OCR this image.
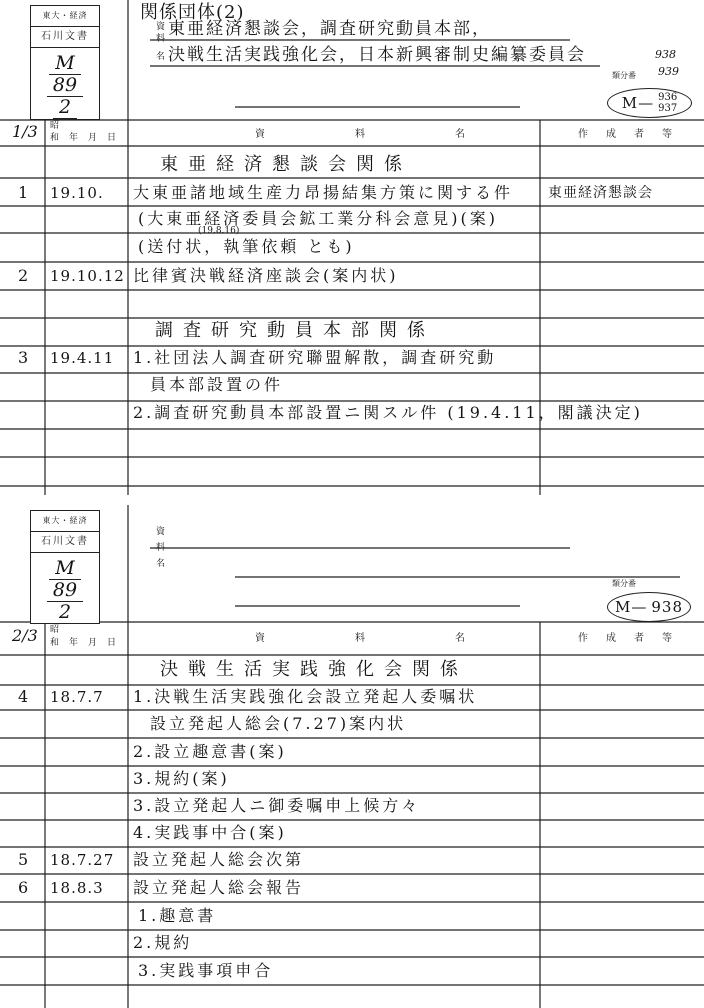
東大・経済
石川文書
M
89
2
関係団体(2)
資
料
名
東亜経済懇談会，調査研究動員本部，
決戦生活実践強化会，日本新興審制史編纂委員会	938
939
類分番
M— 936
937
1/3 昭
和年月日	資料名 作成者等
東亜経済懇談会関係
1 19.10. 大東亜諸地域生産力昂揚結集方策に関する件 東亜経済懇談会
(大東亜経済委員会鉱工業分科会意見)(案)
(19.8.16)
(送付状，執筆依頼 とも)
2 19.10.12 比律賓決戦経済座談会(案内状)
調査研究動員本部関係
3 19.4.11 1.社団法人調査研究聯盟解散，調査研究動
員本部設置の件
2.調査研究動員本部設置ニ関スル件 (19.4.11，閣議決定)
東大・経済
石川文書
M
89
2
資
料
名
類分番
M— 938
2/3 昭
和年月日	資料名 作成者等
決戦生活実践強化会関係
4 18.7.7 1.決戦生活実践強化会設立発起人委嘱状
設立発起人総会(7.27)案内状
2.設立趣意書(案)
3.規約(案)
3.設立発起人ニ御委嘱申上候方々
4.実践事中合(案)
5 18.7.27 設立発起人総会次第
6 18.8.3 設立発起人総会報告
1.趣意書
2.規約
3.実践事項申合
